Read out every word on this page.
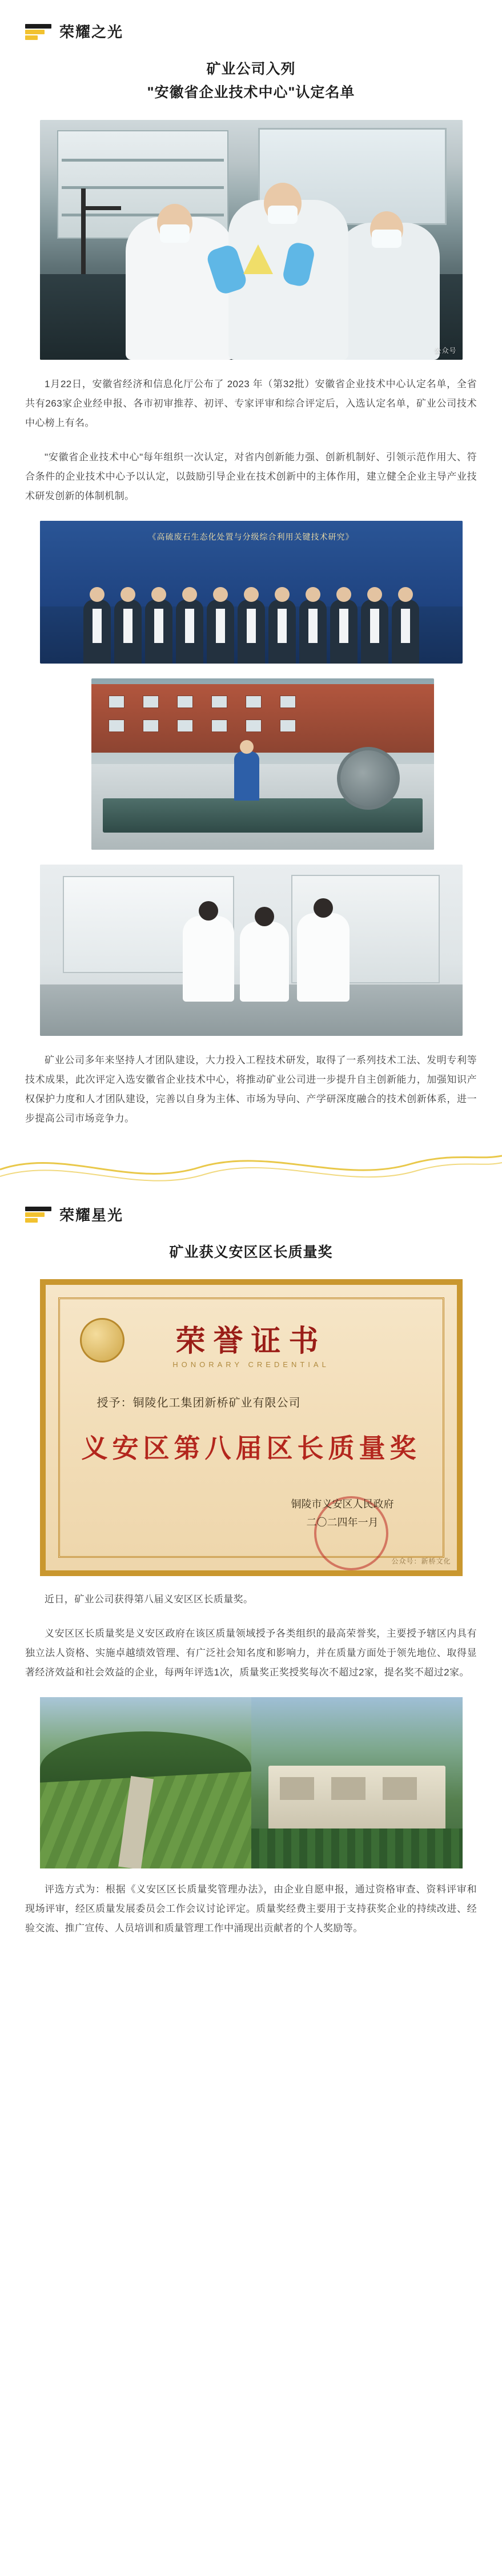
荣耀之光
矿业公司入列
"安徽省企业技术中心"认定名单
公众号
1月22日，安徽省经济和信息化厅公布了 2023 年（第32批）安徽省企业技术中心认定名单，全省共有263家企业经申报、各市初审推荐、初评、专家评审和综合评定后，入选认定名单，矿业公司技术中心榜上有名。
"安徽省企业技术中心"每年组织一次认定，对省内创新能力强、创新机制好、引领示范作用大、符合条件的企业技术中心予以认定，以鼓励引导企业在技术创新中的主体作用，建立健全企业主导产业技术研发创新的体制机制。
《高硫废石生态化处置与分级综合利用关键技术研究》
矿业公司多年来坚持人才团队建设，大力投入工程技术研发，取得了一系列技术工法、发明专利等技术成果，此次评定入选安徽省企业技术中心，将推动矿业公司进一步提升自主创新能力，加强知识产权保护力度和人才团队建设，完善以自身为主体、市场为导向、产学研深度融合的技术创新体系，进一步提高公司市场竞争力。
荣耀星光
矿业获义安区区长质量奖
荣誉证书
HONORARY CREDENTIAL
授予：铜陵化工集团新桥矿业有限公司
义安区第八届区长质量奖
铜陵市义安区人民政府
二〇二四年一月
公众号：新桥文化
近日，矿业公司获得第八届义安区区长质量奖。
义安区区长质量奖是义安区政府在该区质量领域授予各类组织的最高荣誉奖，主要授予辖区内具有独立法人资格、实施卓越绩效管理、有广泛社会知名度和影响力，并在质量方面处于领先地位、取得显著经济效益和社会效益的企业，每两年评选1次，质量奖正奖授奖每次不超过2家，提名奖不超过2家。
评选方式为：根据《义安区区长质量奖管理办法》，由企业自愿申报，通过资格审查、资料评审和现场评审，经区质量发展委员会工作会议讨论评定。质量奖经费主要用于支持获奖企业的持续改进、经验交流、推广宣传、人员培训和质量管理工作中涌现出贡献者的个人奖励等。
